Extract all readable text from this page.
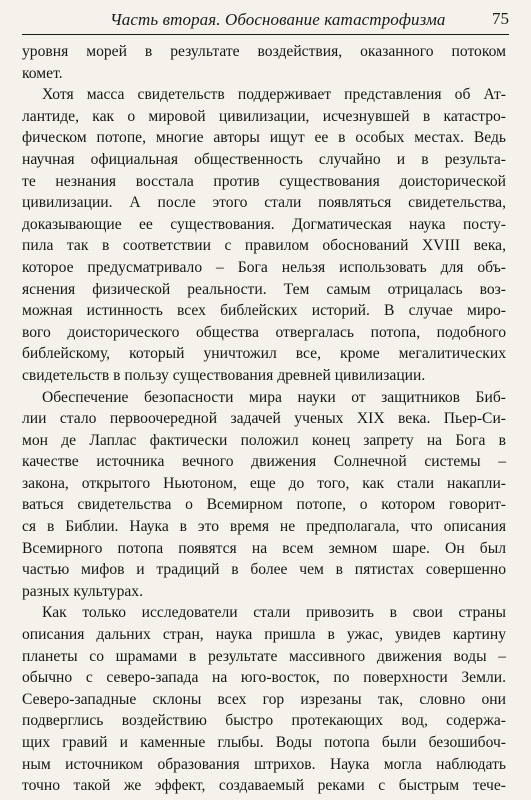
Часть вторая. Обоснование катастрофизма	75
уровня морей в результате воздействия, оказанного потоком
комет.
Хотя масса свидетельств поддерживает представления об Ат-
лантиде, как о мировой цивилизации, исчезнувшей в катастро-
фическом потопе, многие авторы ищут ее в особых местах. Ведь
научная официальная общественность случайно и в результа-
те незнания восстала против существования доисторической
цивилизации. А после этого стали появляться свидетельства,
доказывающие ее существования. Догматическая наука посту-
пила так в соответствии с правилом обоснований XVIII века,
которое предусматривало – Бога нельзя использовать для объ-
яснения физической реальности. Тем самым отрицалась воз-
можная истинность всех библейских историй. В случае миро-
вого доисторического общества отвергалась потопа, подобного
библейскому, который уничтожил все, кроме мегалитических
свидетельств в пользу существования древней цивилизации.
Обеспечение безопасности мира науки от защитников Биб-
лии стало первоочередной задачей ученых XIX века. Пьер-Си-
мон де Лаплас фактически положил конец запрету на Бога в
качестве источника вечного движения Солнечной системы –
закона, открытого Ньютоном, еще до того, как стали накапли-
ваться свидетельства о Всемирном потопе, о котором говорит-
ся в Библии. Наука в это время не предполагала, что описания
Всемирного потопа появятся на всем земном шаре. Он был
частью мифов и традиций в более чем в пятистах совершенно
разных культурах.
Как только исследователи стали привозить в свои страны
описания дальних стран, наука пришла в ужас, увидев картину
планеты со шрамами в результате массивного движения воды –
обычно с северо-запада на юго-восток, по поверхности Земли.
Северо-западные склоны всех гор изрезаны так, словно они
подверглись воздействию быстро протекающих вод, содержа-
щих гравий и каменные глыбы. Воды потопа были безошибоч-
ным источником образования штрихов. Наука могла наблюдать
точно такой же эффект, создаваемый реками с быстрым тече-
